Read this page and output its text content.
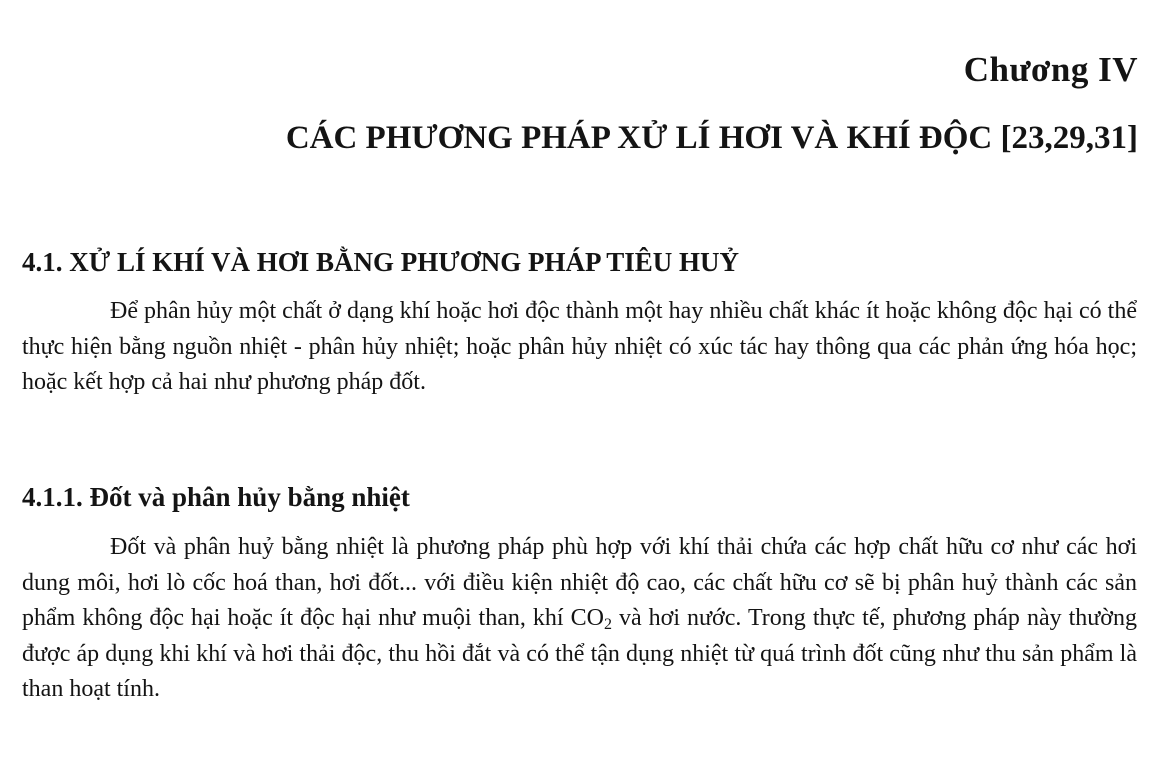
Chương IV
CÁC PHƯƠNG PHÁP XỬ LÍ HƠI VÀ KHÍ ĐỘC [23,29,31]
4.1. XỬ LÍ KHÍ VÀ HƠI BẰNG PHƯƠNG PHÁP TIÊU HUỶ

Để phân hủy một chất ở dạng khí hoặc hơi độc thành một hay nhiều chất khác ít hoặc không độc hại có thể thực hiện bằng nguồn nhiệt - phân hủy nhiệt; hoặc phân hủy nhiệt có xúc tác hay thông qua các phản ứng hóa học; hoặc kết hợp cả hai như phương pháp đốt.

4.1.1. Đốt và phân hủy bằng nhiệt

Đốt và phân huỷ bằng nhiệt là phương pháp phù hợp với khí thải chứa các hợp chất hữu cơ như các hơi dung môi, hơi lò cốc hoá than, hơi đốt... với điều kiện nhiệt độ cao, các chất hữu cơ sẽ bị phân huỷ thành các sản phẩm không độc hại hoặc ít độc hại như muội than, khí $CO_2$ và hơi nước. Trong thực tế, phương pháp này thường được áp dụng khi khí và hơi thải độc, thu hồi đắt và có thể tận dụng nhiệt từ quá trình đốt cũng như thu sản phẩm là than hoạt tính.
